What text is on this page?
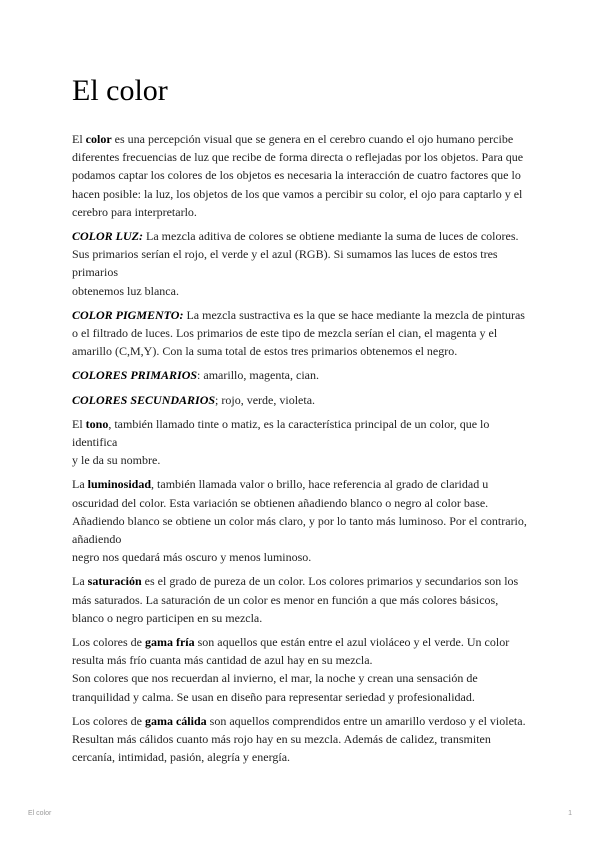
El color

El color es una percepción visual que se genera en el cerebro cuando el ojo humano percibe diferentes frecuencias de luz que recibe de forma directa o reflejadas por los objetos. Para que podamos captar los colores de los objetos es necesaria la interacción de cuatro factores que lo hacen posible: la luz, los objetos de los que vamos a percibir su color, el ojo para captarlo y el cerebro para interpretarlo.

COLOR LUZ: La mezcla aditiva de colores se obtiene mediante la suma de luces de colores. Sus primarios serían el rojo, el verde y el azul (RGB). Si sumamos las luces de estos tres primarios
obtenemos luz blanca.

COLOR PIGMENTO: La mezcla sustractiva es la que se hace mediante la mezcla de pinturas o el filtrado de luces. Los primarios de este tipo de mezcla serían el cian, el magenta y el amarillo (C,M,Y). Con la suma total de estos tres primarios obtenemos el negro.

COLORES PRIMARIOS: amarillo, magenta, cian.

COLORES SECUNDARIOS; rojo, verde, violeta.

El tono, también llamado tinte o matiz, es la característica principal de un color, que lo identifica
y le da su nombre.

La luminosidad, también llamada valor o brillo, hace referencia al grado de claridad u oscuridad del color. Esta variación se obtienen añadiendo blanco o negro al color base. Añadiendo blanco se obtiene un color más claro, y por lo tanto más luminoso. Por el contrario, añadiendo
negro nos quedará más oscuro y menos luminoso.

La saturación es el grado de pureza de un color. Los colores primarios y secundarios son los más saturados. La saturación de un color es menor en función a que más colores básicos, blanco o negro participen en su mezcla.

Los colores de gama fría son aquellos que están entre el azul violáceo y el verde. Un color resulta más frío cuanta más cantidad de azul hay en su mezcla.
Son colores que nos recuerdan al invierno, el mar, la noche y crean una sensación de tranquilidad y calma. Se usan en diseño para representar seriedad y profesionalidad.

Los colores de gama cálida son aquellos comprendidos entre un amarillo verdoso y el violeta. Resultan más cálidos cuanto más rojo hay en su mezcla. Además de calidez, transmiten cercanía, intimidad, pasión, alegría y energía.

El color	1
